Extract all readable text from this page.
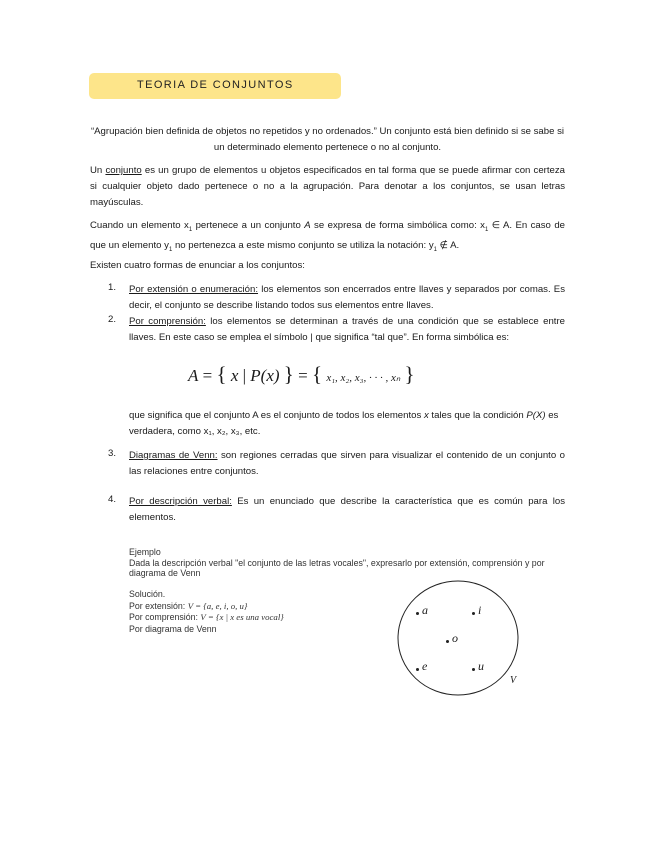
TEORIA DE CONJUNTOS
“Agrupación bien definida de objetos no repetidos y no ordenados.” Un conjunto está bien definido si se sabe si un determinado elemento pertenece o no al conjunto.
Un conjunto es un grupo de elementos u objetos especificados en tal forma que se puede afirmar con certeza si cualquier objeto dado pertenece o no a la agrupación. Para denotar a los conjuntos, se usan letras mayúsculas.
Cuando un elemento $x_1$ pertenece a un conjunto A se expresa de forma simbólica como: $x_1$ ∈ A. En caso de que un elemento $y_1$ no pertenezca a este mismo conjunto se utiliza la notación: $y_1$ ∉ A.
Existen cuatro formas de enunciar a los conjuntos:
1.	Por extensión o enumeración: los elementos son encerrados entre llaves y separados por comas. Es decir, el conjunto se describe listando todos sus elementos entre llaves.
2.	Por comprensión: los elementos se determinan a través de una condición que se establece entre llaves. En este caso se emplea el símbolo | que significa “tal que”. En forma simbólica es:
3.	Diagramas de Venn: son regiones cerradas que sirven para visualizar el contenido de un conjunto o las relaciones entre conjuntos.
4.	Por descripción verbal: Es un enunciado que describe la característica que es común para los elementos.
A = { x | P(x) } = { x₁, x₂, x₃, · · · , xₙ }
que significa que el conjunto A es el conjunto de todos los elementos x tales que la condición P(X) es verdadera, como x₁, x₂, x₃, etc.
Ejemplo
Dada la descripción verbal "el conjunto de las letras vocales", expresarlo por extensión, comprensión y por diagrama de Venn
Solución.
Por extensión: V = {a, e, i, o, u}
Por comprensión: V = {x | x es una vocal}
Por diagrama de Venn
a	i
o
e	u
V
